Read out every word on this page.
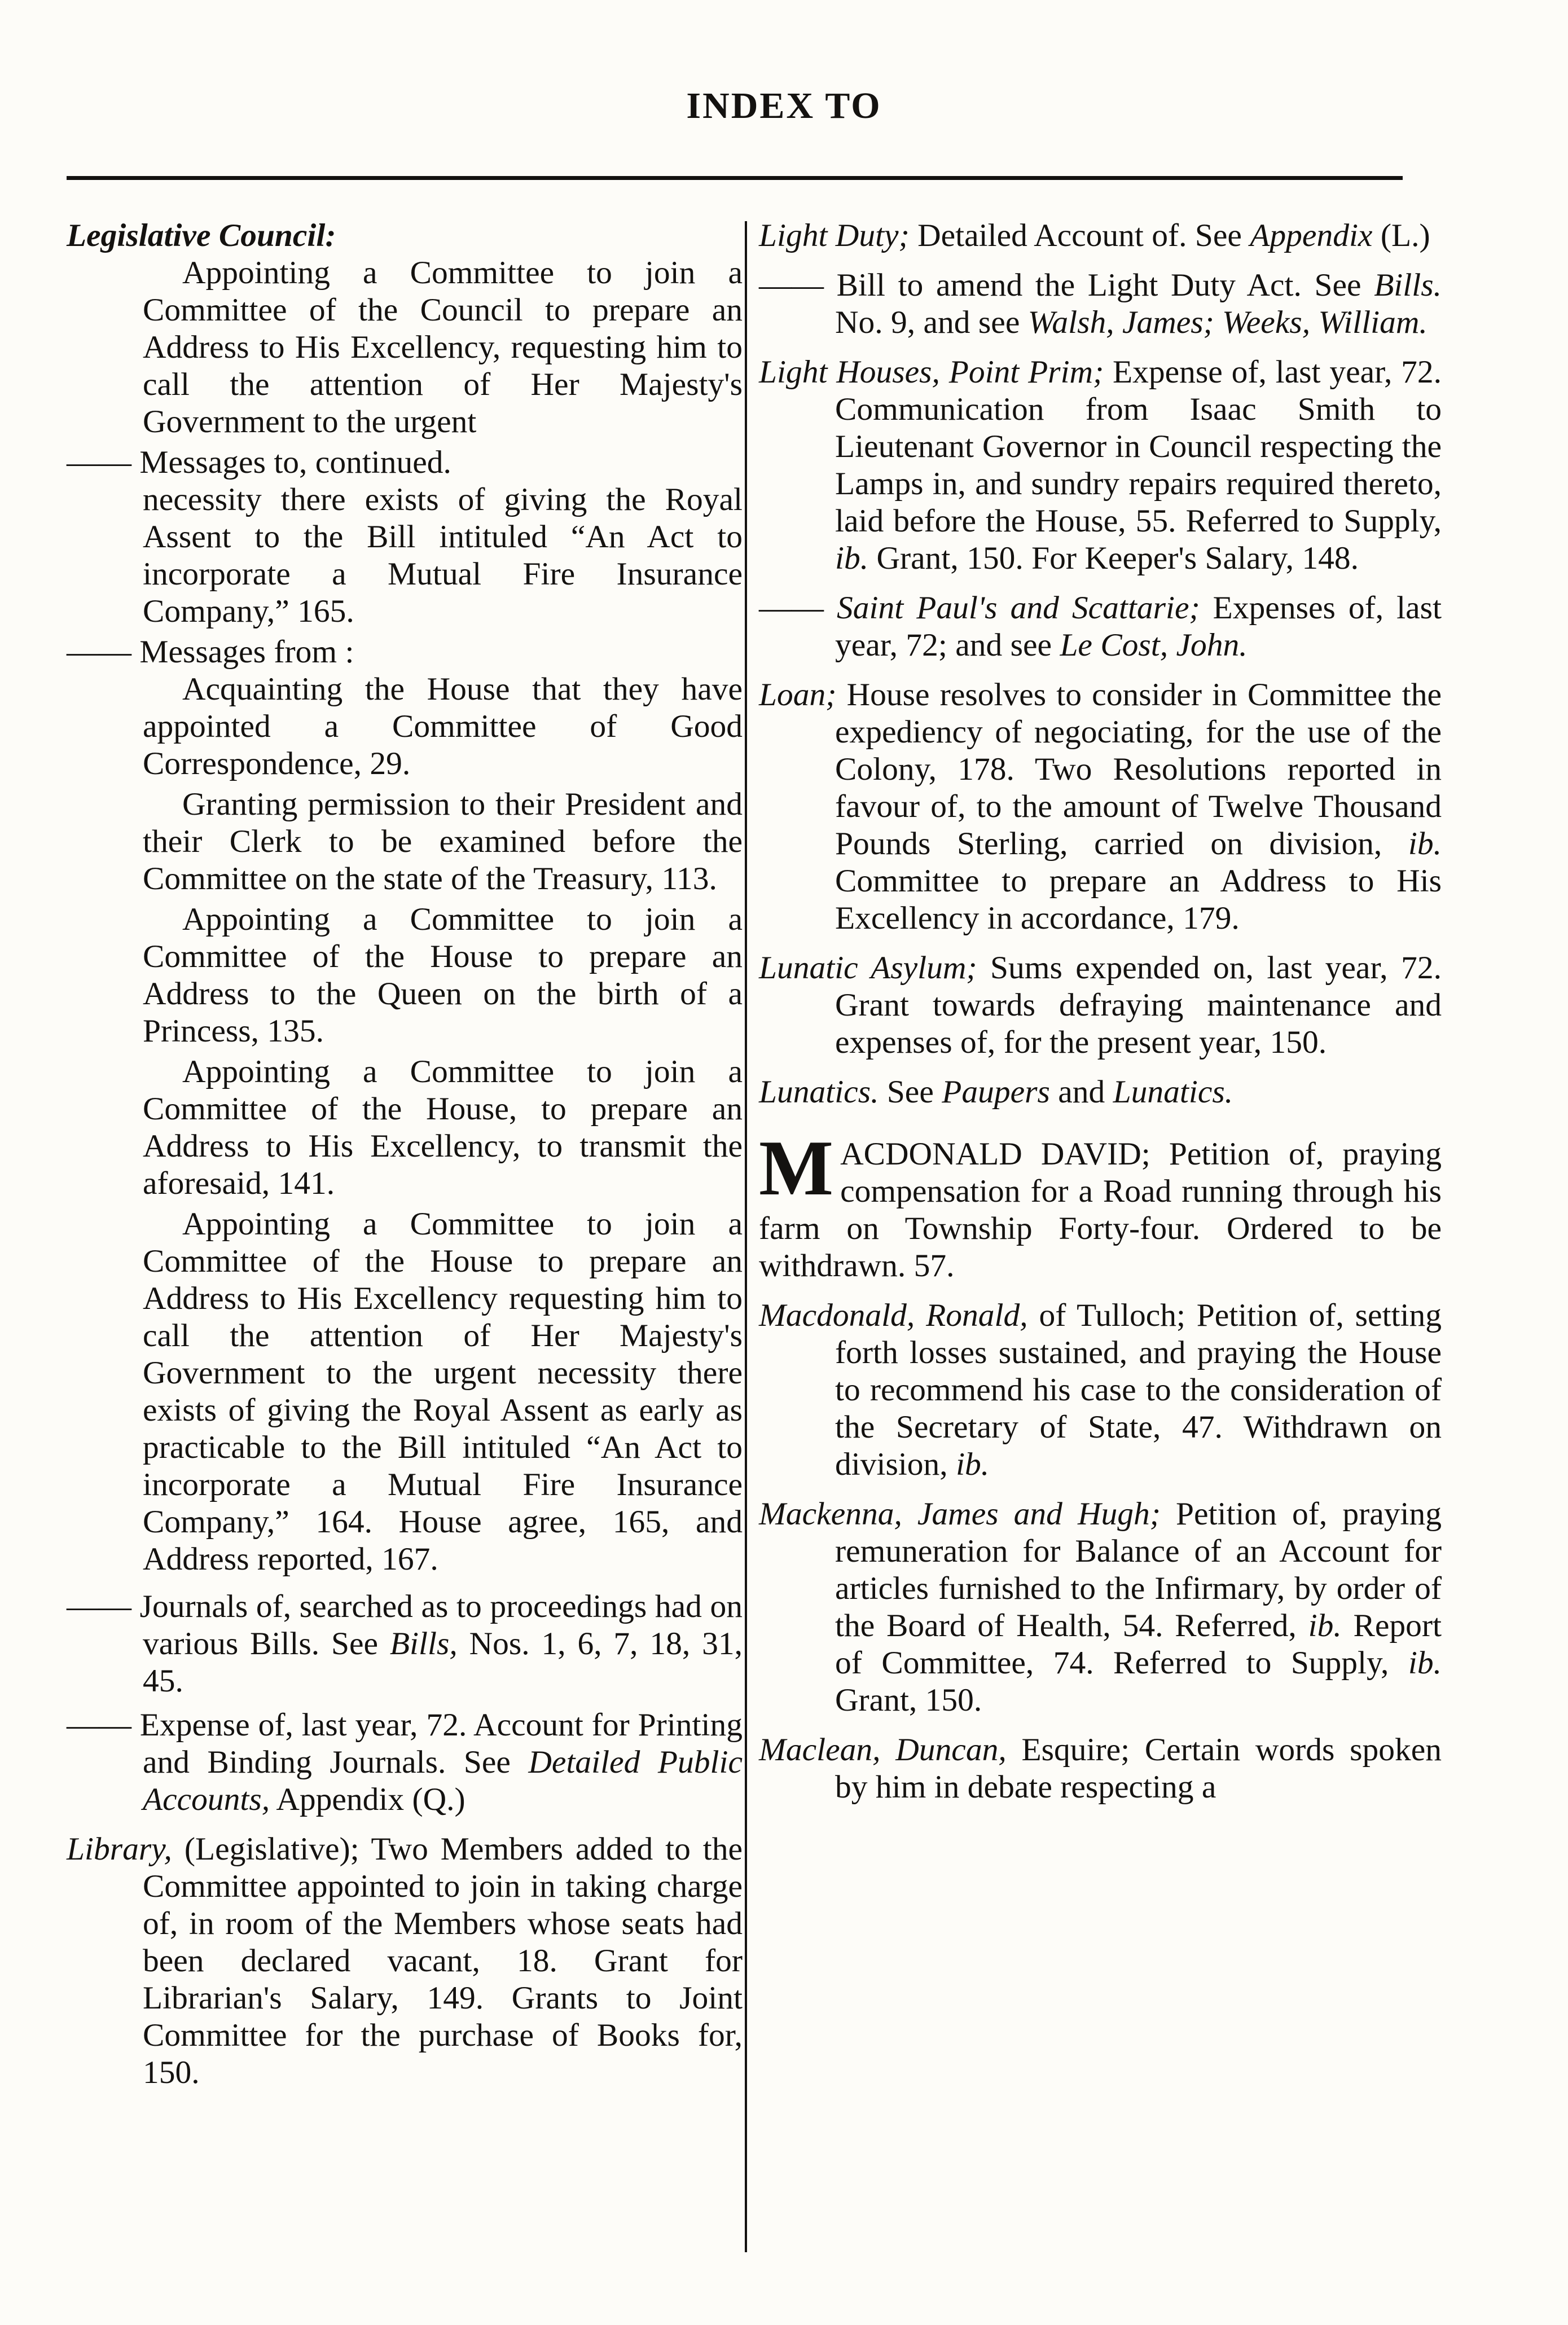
INDEX TO
Legislative Council:

Appointing a Committee to join a Committee of the Council to prepare an Address to His Excellency, requesting him to call the attention of Her Majesty's Government to the urgent

—— Messages to, continued.

necessity there exists of giving the Royal Assent to the Bill intituled “An Act to incorporate a Mutual Fire Insurance Company,” 165.

—— Messages from :

Acquainting the House that they have appointed a Committee of Good Correspondence, 29.

Granting permission to their President and their Clerk to be examined before the Committee on the state of the Treasury, 113.

Appointing a Committee to join a Committee of the House to prepare an Address to the Queen on the birth of a Princess, 135.

Appointing a Committee to join a Committee of the House, to prepare an Address to His Excellency, to transmit the aforesaid, 141.

Appointing a Committee to join a Committee of the House to prepare an Address to His Excellency requesting him to call the attention of Her Majesty's Government to the urgent necessity there exists of giving the Royal Assent as early as practicable to the Bill intituled “An Act to incorporate a Mutual Fire Insurance Company,” 164. House agree, 165, and Address reported, 167.

—— Journals of, searched as to proceedings had on various Bills. See Bills, Nos. 1, 6, 7, 18, 31, 45.
—— Expense of, last year, 72. Account for Printing and Binding Journals. See Detailed Public Accounts, Appendix (Q.)
Library, (Legislative); Two Members added to the Committee appointed to join in taking charge of, in room of the Members whose seats had been declared vacant, 18. Grant for Librarian's Salary, 149. Grants to Joint Committee for the purchase of Books for, 150.
Light Duty; Detailed Account of. See Appendix (L.)
—— Bill to amend the Light Duty Act. See Bills. No. 9, and see Walsh, James; Weeks, William.
Light Houses, Point Prim; Expense of, last year, 72. Communication from Isaac Smith to Lieutenant Governor in Council respecting the Lamps in, and sundry repairs required thereto, laid before the House, 55. Referred to Supply, ib. Grant, 150. For Keeper's Salary, 148.
—— Saint Paul's and Scattarie; Expenses of, last year, 72; and see Le Cost, John.
Loan; House resolves to consider in Committee the expediency of negociating, for the use of the Colony, 178. Two Resolutions reported in favour of, to the amount of Twelve Thousand Pounds Sterling, carried on division, ib. Committee to prepare an Address to His Excellency in accordance, 179.
Lunatic Asylum; Sums expended on, last year, 72. Grant towards defraying maintenance and expenses of, for the present year, 150.
Lunatics. See Paupers and Lunatics.
M ACDONALD DAVID; Petition of, praying compensation for a Road running through his farm on Township Forty-four. Ordered to be withdrawn. 57.
Macdonald, Ronald, of Tulloch; Petition of, setting forth losses sustained, and praying the House to recommend his case to the consideration of the Secretary of State, 47. Withdrawn on division, ib.
Mackenna, James and Hugh; Petition of, praying remuneration for Balance of an Account for articles furnished to the Infirmary, by order of the Board of Health, 54. Referred, ib. Report of Committee, 74. Referred to Supply, ib. Grant, 150.
Maclean, Duncan, Esquire; Certain words spoken by him in debate respecting a
